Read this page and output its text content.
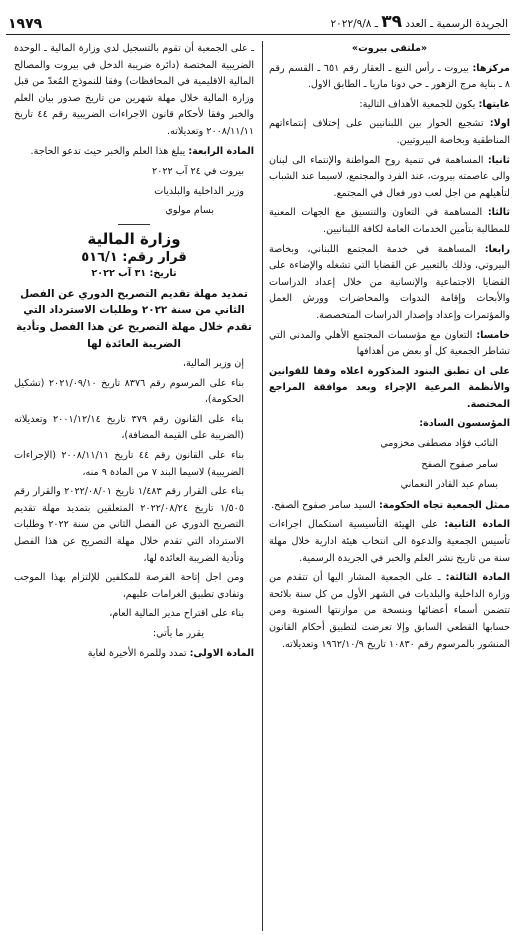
الجريدة الرسمية ـ العدد ٣٩ ـ ٢٠٢٢/٩/٨
١٩٧٩

«ملتقى بيروت»

مركزها: بيروت ـ رأس النبع ـ العقار رقم ٦٥١ ـ القسم رقم ٨ ـ بناية مرج الزهور ـ حي دونا ماريا ـ الطابق الاول.

غايتها: يكون للجمعية الأهداف التالية:

اولا: تشجيع الحوار بين اللبنانيين على إختلاف إنتماءاتهم المناطقية وبخاصة البيروتيين.

ثانيا: المساهمة في تنمية روح المواطنة والإنتماء الى لبنان والى عاصمته بيروت، عند الفرد والمجتمع، لاسيما عند الشباب لتأهيلهم من اجل لعب دور فعال في المجتمع.

ثالثا: المساهمة في التعاون والتنسيق مع الجهات المعنية للمطالبة بتأمين الخدمات العامة لكافة اللبنانيين.

رابعا: المساهمة في خدمة المجتمع اللبناني، وبخاصة البيروتي، وذلك بالتعبير عن القضايا التي تشغله والإضاءة على القضايا الاجتماعية والإنسانية من خلال إعداد الدراسات والأبحاث وإقامة الندوات والمحاضرات وورش العمل والمؤتمرات وإعداد وإصدار الدراسات المتخصصة.

خامسا: التعاون مع مؤسسات المجتمع الأهلي والمدني التي تشاطر الجمعية كل أو بعض من أهدافها

على ان تطبق البنود المذكورة اعلاه وفقا للقوانين والأنظمة المرعية الإجراء وبعد موافقة المراجع المختصة.

المؤسسون السادة:

النائب فؤاد مصطفى مخزومي

سامر صفوح الصفح

بسام عبد القادر النعماني

ممثل الجمعية تجاه الحكومة: السيد سامر صفوح الصفح.

المادة الثانية: على الهيئة التأسيسية استكمال اجراءات تأسيس الجمعية والدعوة الى انتخاب هيئة ادارية خلال مهلة سنة من تاريخ نشر العلم والخبر في الجريدة الرسمية.

المادة الثالثة: ـ على الجمعية المشار اليها أن تتقدم من وزارة الداخلية والبلديات في الشهر الأول من كل سنة بلائحة تتضمن أسماء أعضائها وبنسخة من موازنتها السنوية ومن حسابها القطعي السابق وإلا تعرضت لتطبيق أحكام القانون المنشور بالمرسوم رقم ١٠٨٣٠ تاريخ ١٩٦٢/١٠/٩ وتعديلاته.

ـ على الجمعية أن تقوم بالتسجيل لدى وزارة المالية ـ الوحدة الضريبية المختصة (دائرة ضريبة الدخل في بيروت والمصالح المالية الاقليمية في المحافظات) وفقا للنموذج المُعدّ من قبل وزارة المالية خلال مهلة شهرين من تاريخ صدور بيان العلم والخبر وفقا لأحكام قانون الاجراءات الضريبية رقم ٤٤ تاريخ ٢٠٠٨/١١/١١ وتعديلاته.

المادة الرابعة: يبلغ هذا العلم والخبر حيث تدعو الحاجة.

بيروت في ٢٤ آب ٢٠٢٢

وزير الداخلية والبلديات

بسام مولوي

وزارة المالية
قرار رقم: ٥١٦/١

تاريخ: ٣١ آب ٢٠٢٢

تمديد مهلة تقديم التصريح الدوري عن الفصل الثاني من سنة ٢٠٢٢ وطلبات الاسترداد التي تقدم خلال مهلة التصريح عن هذا الفصل وتأدية الضريبة العائدة لها

إن وزير المالية،

بناء على المرسوم رقم ٨٣٧٦ تاريخ ٢٠٢١/٠٩/١٠ (تشكيل الحكومة)،

بناء على القانون رقم ٣٧٩ تاريخ ٢٠٠١/١٢/١٤ وتعديلاته (الضريبة على القيمة المضافة)،

بناء على القانون رقم ٤٤ تاريخ ٢٠٠٨/١١/١١ (الإجراءات الضريبية) لاسيما البند ٧ من المادة ٩ منه،

بناء على القرار رقم ١/٤٨٣ تاريخ ٢٠٢٢/٠٨/٠١ والقرار رقم ١/٥٠٥ تاريخ ٢٠٢٢/٠٨/٢٤ المتعلقين بتمديد مهلة تقديم التصريح الدوري عن الفصل الثاني من سنة ٢٠٢٢ وطلبات الاسترداد التي تقدم خلال مهلة التصريح عن هذا الفصل وتأدية الضريبة العائدة لها،

ومن اجل إتاحة الفرصة للمكلفين للإلتزام بهذا الموجب وتفادي تطبيق الغرامات عليهم،

بناء على اقتراح مدير المالية العام،

يقرر ما يأتي:

المادة الاولى: تمدد وللمرة الأخيرة لغاية
